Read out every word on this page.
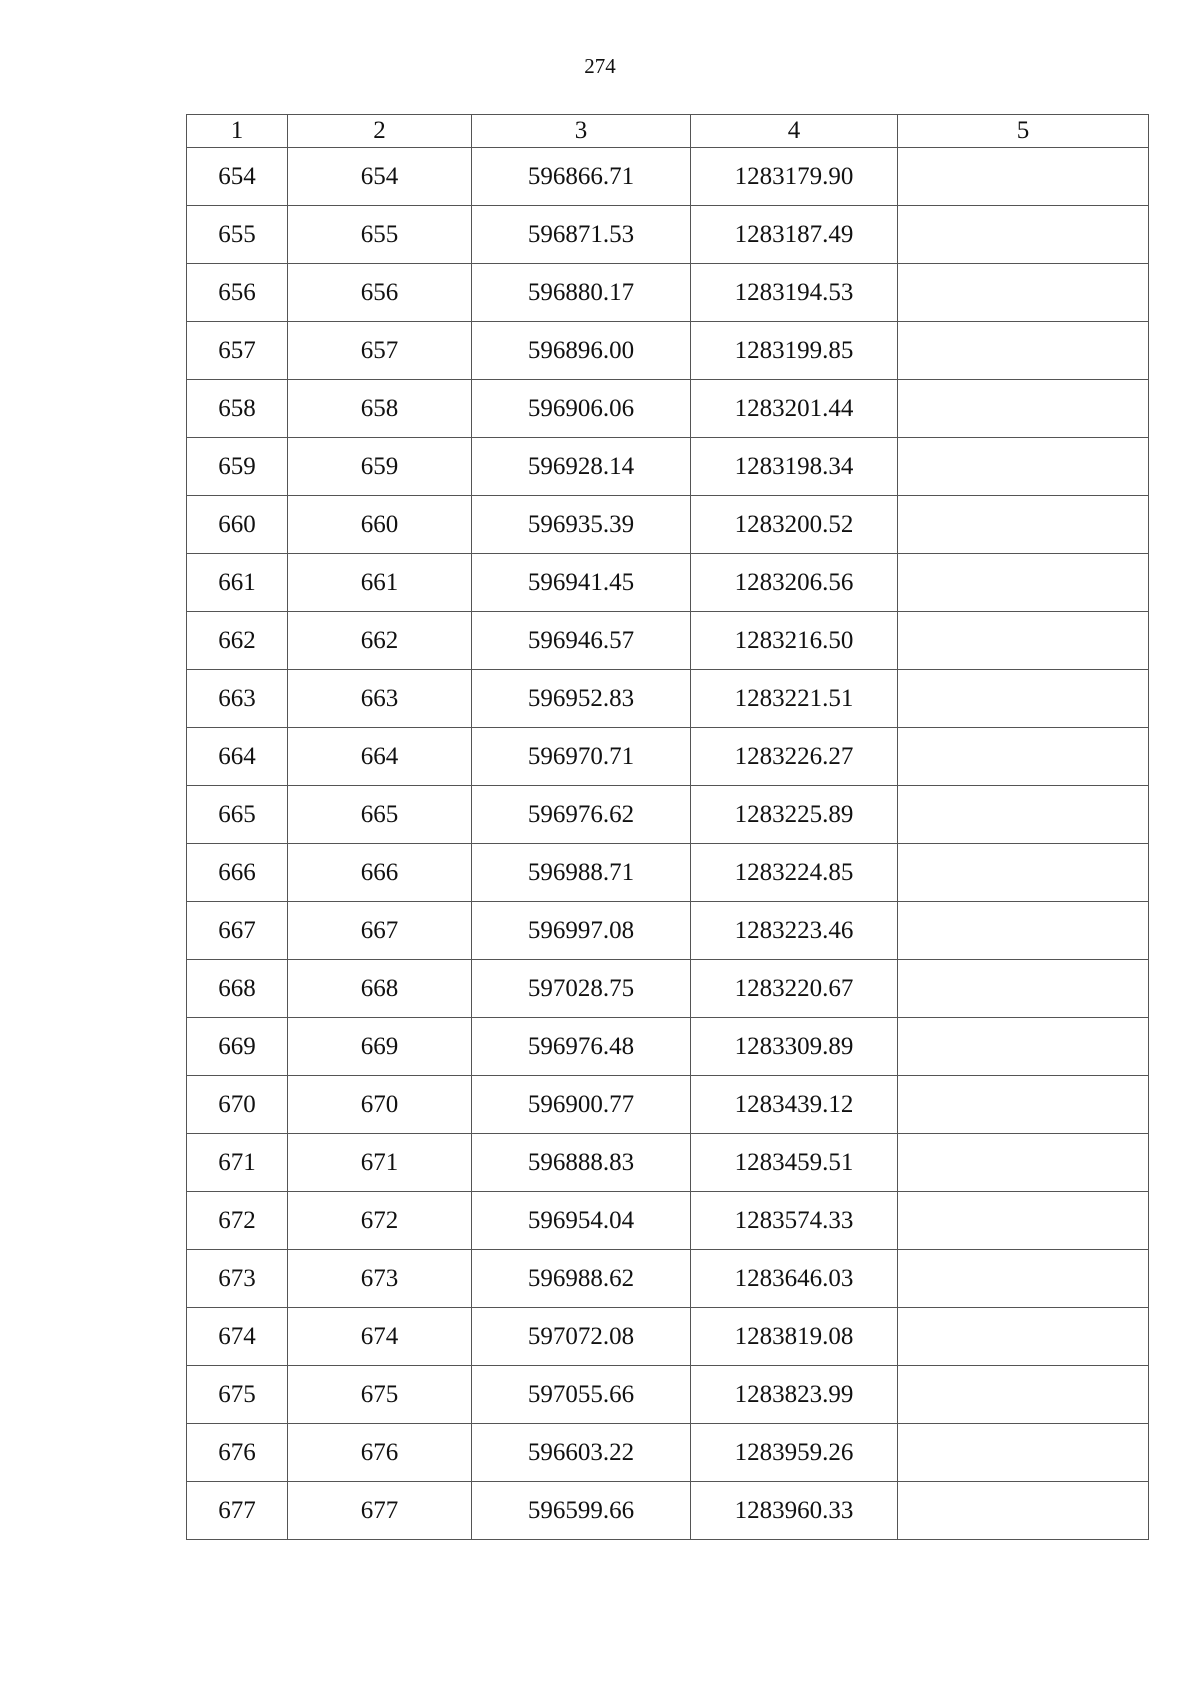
274
1	2	3	4	5
654	654	596866.71	1283179.90	
655	655	596871.53	1283187.49	
656	656	596880.17	1283194.53	
657	657	596896.00	1283199.85	
658	658	596906.06	1283201.44	
659	659	596928.14	1283198.34	
660	660	596935.39	1283200.52	
661	661	596941.45	1283206.56	
662	662	596946.57	1283216.50	
663	663	596952.83	1283221.51	
664	664	596970.71	1283226.27	
665	665	596976.62	1283225.89	
666	666	596988.71	1283224.85	
667	667	596997.08	1283223.46	
668	668	597028.75	1283220.67	
669	669	596976.48	1283309.89	
670	670	596900.77	1283439.12	
671	671	596888.83	1283459.51	
672	672	596954.04	1283574.33	
673	673	596988.62	1283646.03	
674	674	597072.08	1283819.08	
675	675	597055.66	1283823.99	
676	676	596603.22	1283959.26	
677	677	596599.66	1283960.33	
